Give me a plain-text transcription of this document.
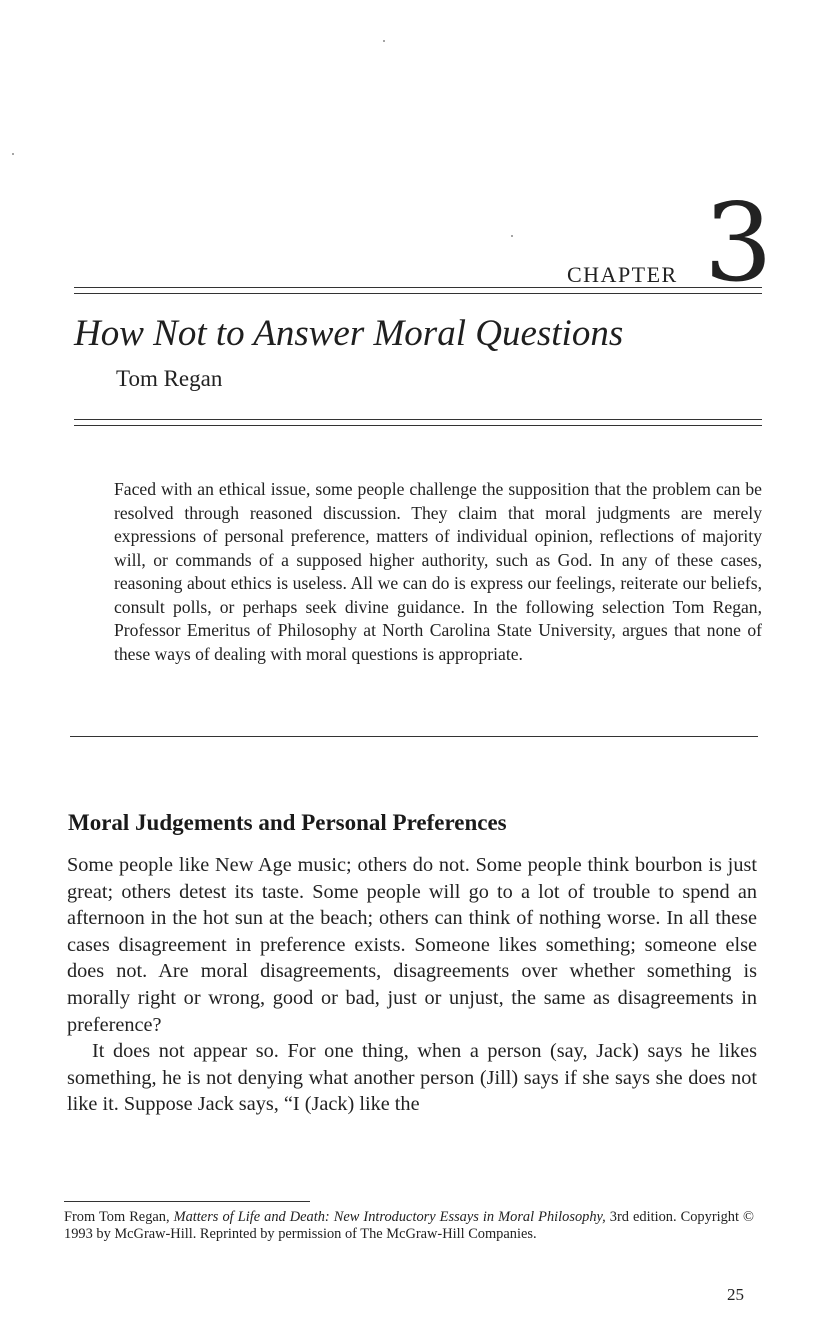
CHAPTER 3
How Not to Answer Moral Questions
Tom Regan
Faced with an ethical issue, some people challenge the supposition that the problem can be resolved through reasoned discussion. They claim that moral judgments are merely expressions of personal preference, matters of individual opinion, reflections of majority will, or commands of a supposed higher authority, such as God. In any of these cases, reasoning about ethics is useless. All we can do is express our feelings, reiterate our beliefs, consult polls, or perhaps seek divine guidance. In the following selection Tom Regan, Professor Emeritus of Philosophy at North Carolina State University, argues that none of these ways of dealing with moral questions is appropriate.
Moral Judgements and Personal Preferences

Some people like New Age music; others do not. Some people think bourbon is just great; others detest its taste. Some people will go to a lot of trouble to spend an afternoon in the hot sun at the beach; others can think of nothing worse. In all these cases disagreement in preference exists. Someone likes something; someone else does not. Are moral disagreements, disagreements over whether something is morally right or wrong, good or bad, just or unjust, the same as disagreements in preference?

It does not appear so. For one thing, when a person (say, Jack) says he likes something, he is not denying what another person (Jill) says if she says she does not like it. Suppose Jack says, “I (Jack) like the

From Tom Regan, Matters of Life and Death: New Introductory Essays in Moral Philosophy, 3rd edition. Copyright © 1993 by McGraw-Hill. Reprinted by permission of The McGraw-Hill Companies.
25
